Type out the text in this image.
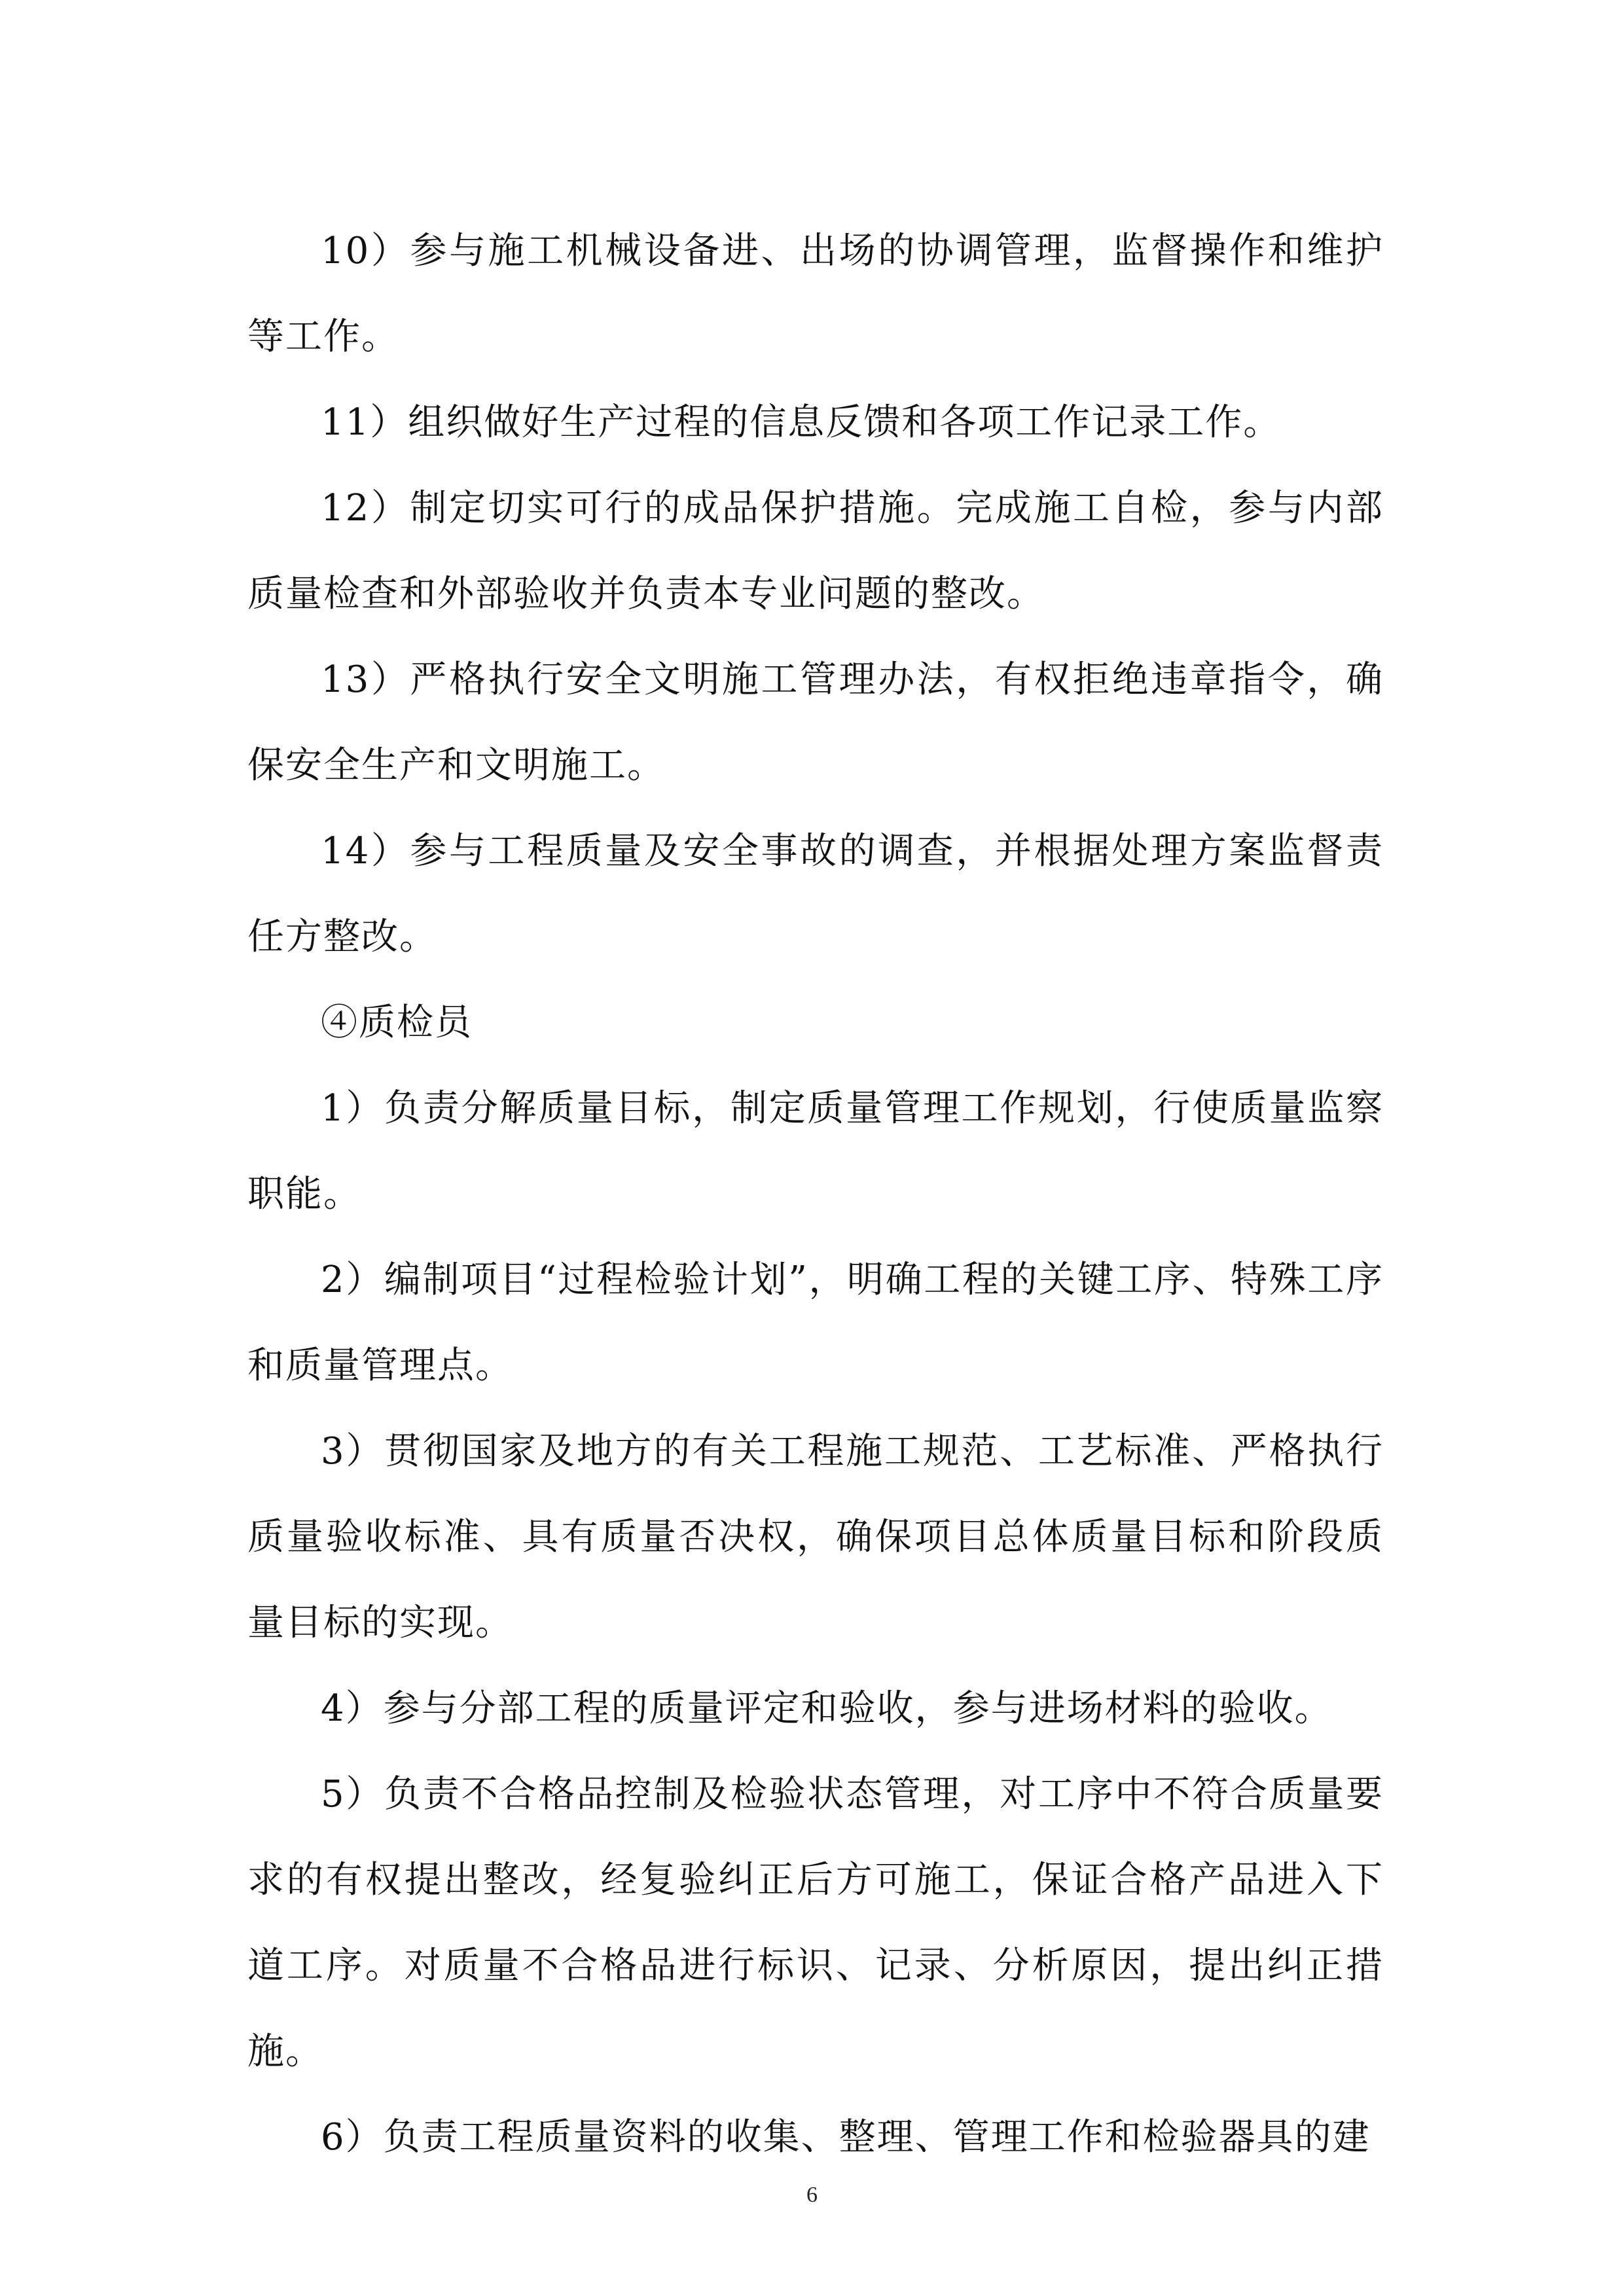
10）参与施工机械设备进、出场的协调管理，监督操作和维护等工作。

11）组织做好生产过程的信息反馈和各项工作记录工作。

12）制定切实可行的成品保护措施。完成施工自检，参与内部质量检查和外部验收并负责本专业问题的整改。

13）严格执行安全文明施工管理办法，有权拒绝违章指令，确保安全生产和文明施工。

14）参与工程质量及安全事故的调查，并根据处理方案监督责任方整改。

④质检员

1）负责分解质量目标，制定质量管理工作规划，行使质量监察职能。

2）编制项目“过程检验计划”，明确工程的关键工序、特殊工序和质量管理点。

3）贯彻国家及地方的有关工程施工规范、工艺标准、严格执行质量验收标准、具有质量否决权，确保项目总体质量目标和阶段质量目标的实现。

4）参与分部工程的质量评定和验收，参与进场材料的验收。

5）负责不合格品控制及检验状态管理，对工序中不符合质量要求的有权提出整改，经复验纠正后方可施工，保证合格产品进入下道工序。对质量不合格品进行标识、记录、分析原因，提出纠正措施。

6）负责工程质量资料的收集、整理、管理工作和检验器具的建

6
